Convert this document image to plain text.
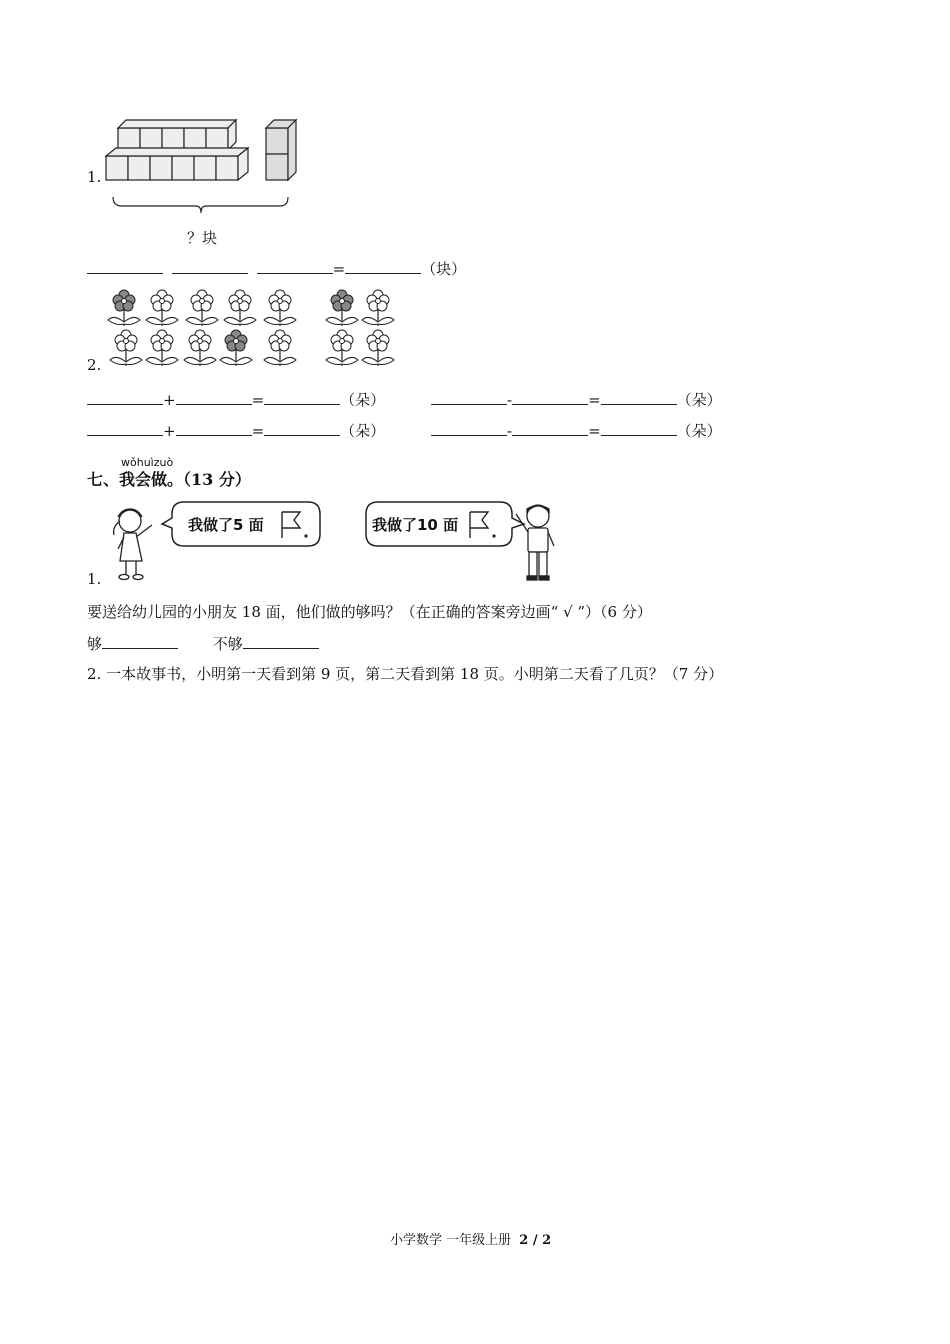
1.
？块
=	（块）
2.
+	=	（朵）	-	=	（朵）
+	=	（朵）	-	=	（朵）
wǒhuìzuò
七、我会做。（13 分）
我做了5 面	我做了10 面
1.
要送给幼儿园的小朋友 18 面，他们做的够吗？（在正确的答案旁边画“ √ ”）（6 分）
够	不够
2. 一本故事书，小明第一天看到第 9 页，第二天看到第 18 页。小明第二天看了几页？（7 分）
小学数学 一年级上册 2 / 2
